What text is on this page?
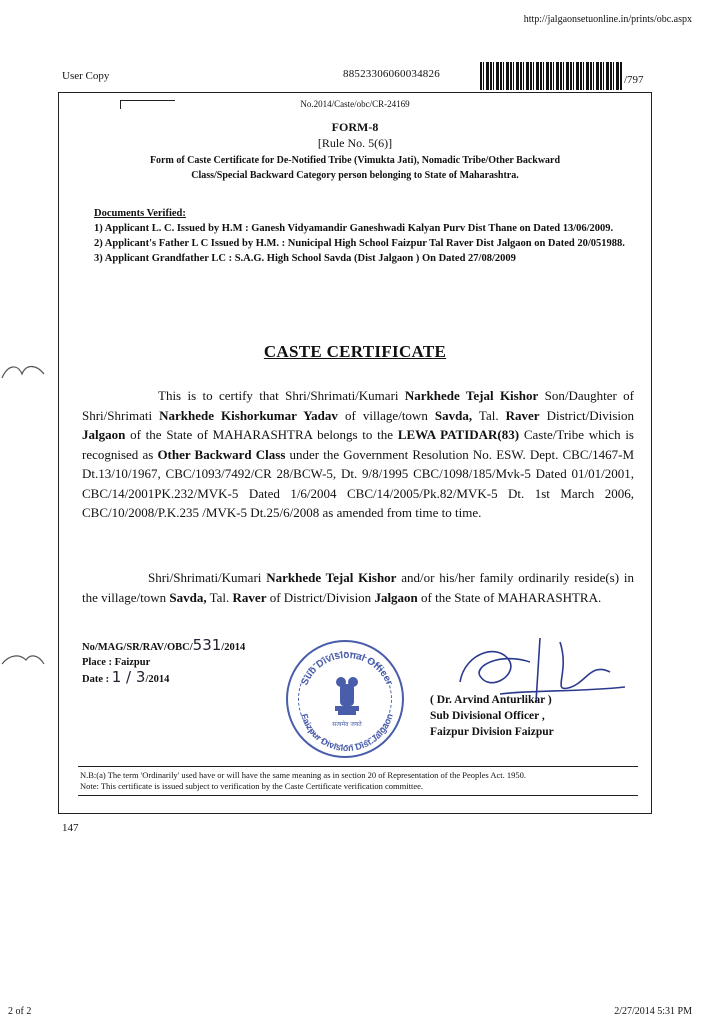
http://jalgaonsetuonline.in/prints/obc.aspx
User Copy	88523306060034826	/797
No.2014/Caste/obc/CR-24169
FORM-8
[Rule No. 5(6)]
Form of Caste Certificate for De-Notified Tribe (Vimukta Jati), Nomadic Tribe/Other Backward
Class/Special Backward Category person belonging to State of Maharashtra.
Documents Verified:
1) Applicant L. C. Issued by H.M : Ganesh Vidyamandir Ganeshwadi Kalyan Purv Dist Thane on Dated 13/06/2009.
2) Applicant's Father L C Issued by H.M. : Nunicipal High School Faizpur Tal Raver Dist Jalgaon on Dated 20/051988.
3) Applicant Grandfather LC : S.A.G. High School Savda (Dist Jalgaon ) On Dated 27/08/2009
CASTE CERTIFICATE
This is to certify that Shri/Shrimati/Kumari Narkhede Tejal Kishor Son/Daughter of Shri/Shrimati Narkhede Kishorkumar Yadav of village/town Savda, Tal. Raver District/Division Jalgaon of the State of MAHARASHTRA belongs to the LEWA PATIDAR(83) Caste/Tribe which is recognised as Other Backward Class under the Government Resolution No. ESW. Dept. CBC/1467-M Dt.13/10/1967, CBC/1093/7492/CR 28/BCW-5, Dt. 9/8/1995 CBC/1098/185/Mvk-5 Dated 01/01/2001, CBC/14/2001PK.232/MVK-5 Dated 1/6/2004 CBC/14/2005/Pk.82/MVK-5 Dt. 1st March 2006, CBC/10/2008/P.K.235 /MVK-5 Dt.25/6/2008 as amended from time to time.
Shri/Shrimati/Kumari Narkhede Tejal Kishor and/or his/her family ordinarily reside(s) in the village/town Savda, Tal. Raver of District/Division Jalgaon of the State of MAHARASHTRA.
No/MAG/SR/RAV/OBC/531/2014
Place : Faizpur
Date : 1 / 3/2014	Sub Divisional Officer
Faizpur Division Dist.Jalgaon
सत्यमेव जयते
( Dr. Arvind Anturlikar )
Sub Divisional Officer ,
Faizpur Division Faizpur
N.B:(a) The term 'Ordinarily' used have or will have the same meaning as in section 20 of Representation of the Peoples Act. 1950.
Note: This certificate is issued subject to verification by the Caste Certificate verification committee.
147
2 of 2	2/27/2014 5:31 PM
